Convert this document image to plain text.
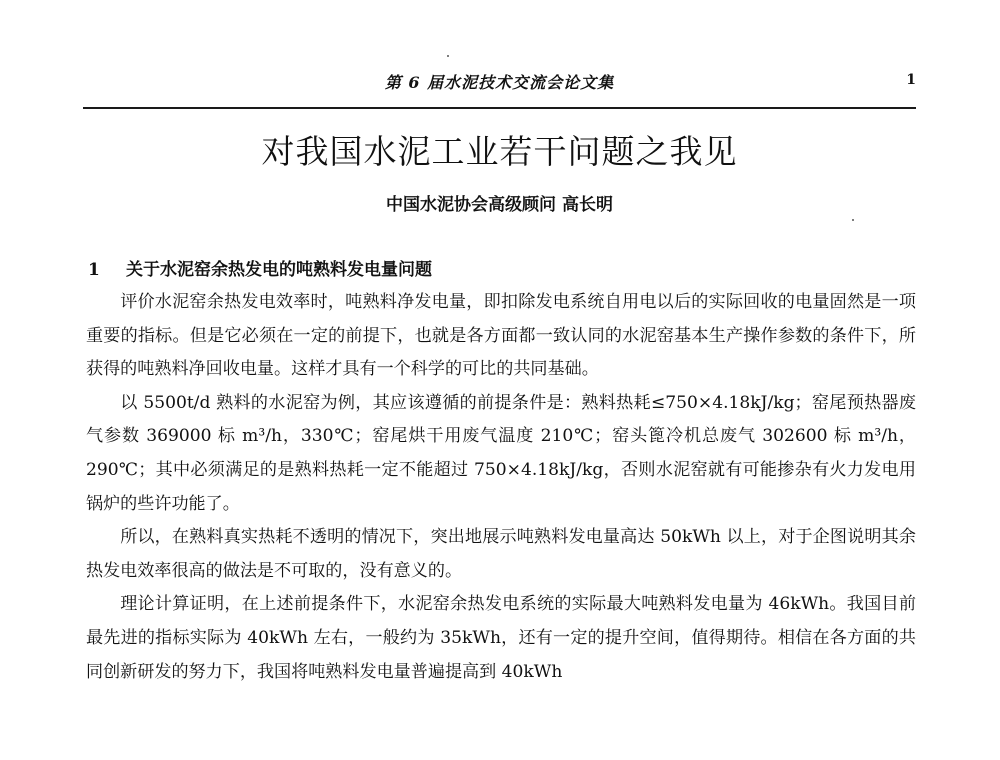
第 6 届水泥技术交流会论文集	1
对我国水泥工业若干问题之我见
中国水泥协会高级顾问 高长明
1 关于水泥窑余热发电的吨熟料发电量问题

评价水泥窑余热发电效率时，吨熟料净发电量，即扣除发电系统自用电以后的实际回收的电量固然是一项重要的指标。但是它必须在一定的前提下，也就是各方面都一致认同的水泥窑基本生产操作参数的条件下，所获得的吨熟料净回收电量。这样才具有一个科学的可比的共同基础。

以 5500t/d 熟料的水泥窑为例，其应该遵循的前提条件是：熟料热耗≤750×4.18kJ/kg；窑尾预热器废气参数 369000 标 m³/h，330℃；窑尾烘干用废气温度 210℃；窑头篦冷机总废气 302600 标 m³/h，290℃；其中必须满足的是熟料热耗一定不能超过 750×4.18kJ/kg，否则水泥窑就有可能掺杂有火力发电用锅炉的些许功能了。

所以，在熟料真实热耗不透明的情况下，突出地展示吨熟料发电量高达 50kWh 以上，对于企图说明其余热发电效率很高的做法是不可取的，没有意义的。

理论计算证明，在上述前提条件下，水泥窑余热发电系统的实际最大吨熟料发电量为 46kWh。我国目前最先进的指标实际为 40kWh 左右，一般约为 35kWh，还有一定的提升空间，值得期待。相信在各方面的共同创新研发的努力下，我国将吨熟料发电量普遍提高到 40kWh
